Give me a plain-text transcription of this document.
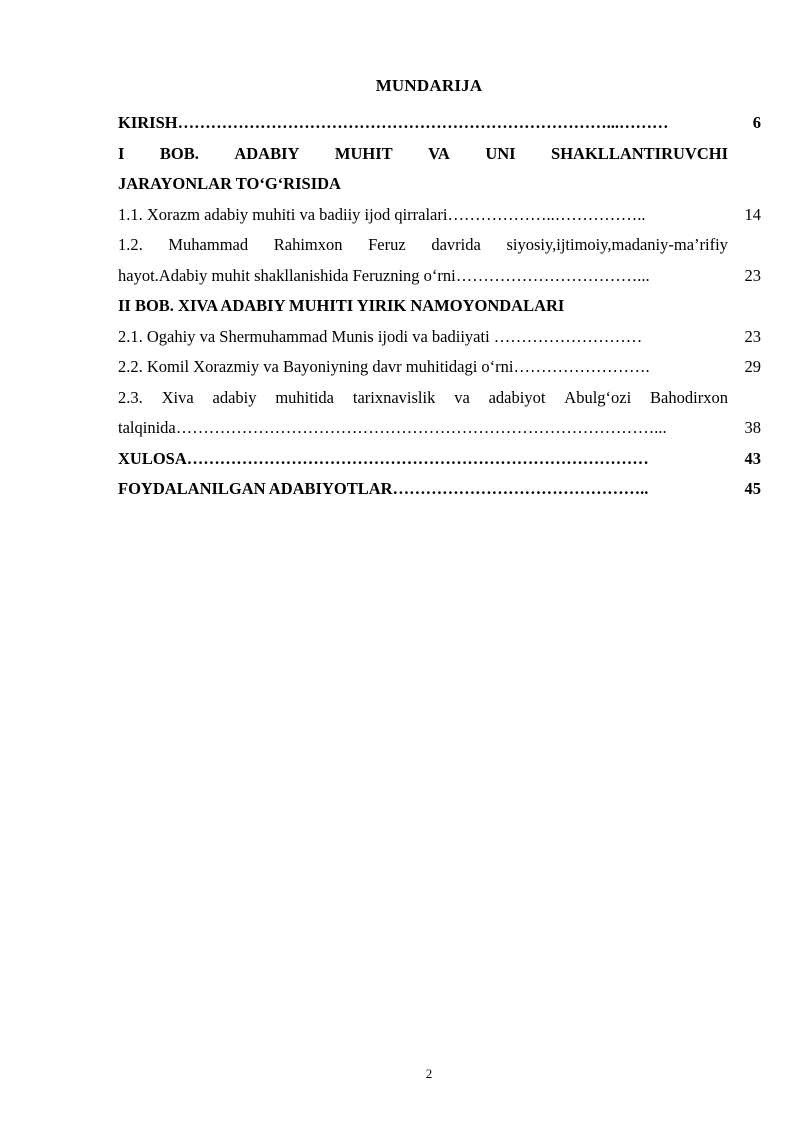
MUNDARIJA
KIRISH……………………………………………………………………...………	6
I BOB. ADABIY MUHIT VA UNI SHAKLLANTIRUVCHI
JARAYONLAR TO‘G‘RISIDA
1.1. Xorazm adabiy muhiti va badiiy ijod qirralari………………..……………..	14
1.2. Muhammad Rahimxon Feruz davrida siyosiy,ijtimoiy,madaniy-ma’rifiy
hayot.Adabiy muhit shakllanishida Feruzning o‘rni……………………………...	23
II BOB. XIVA ADABIY MUHITI YIRIK NAMOYONDALARI
2.1. Ogahiy va Shermuhammad Munis ijodi va badiiyati ………………………	23
2.2. Komil Xorazmiy va Bayoniyning davr muhitidagi o‘rni…………………….	29
2.3. Xiva adabiy muhitida tarixnavislik va adabiyot Abulg‘ozi Bahodirxon
talqinida……………………………………………………………………………...	38
XULOSA…………………………………………………………………………	43
FOYDALANILGAN ADABIYOTLAR………………………………………..	45
2
